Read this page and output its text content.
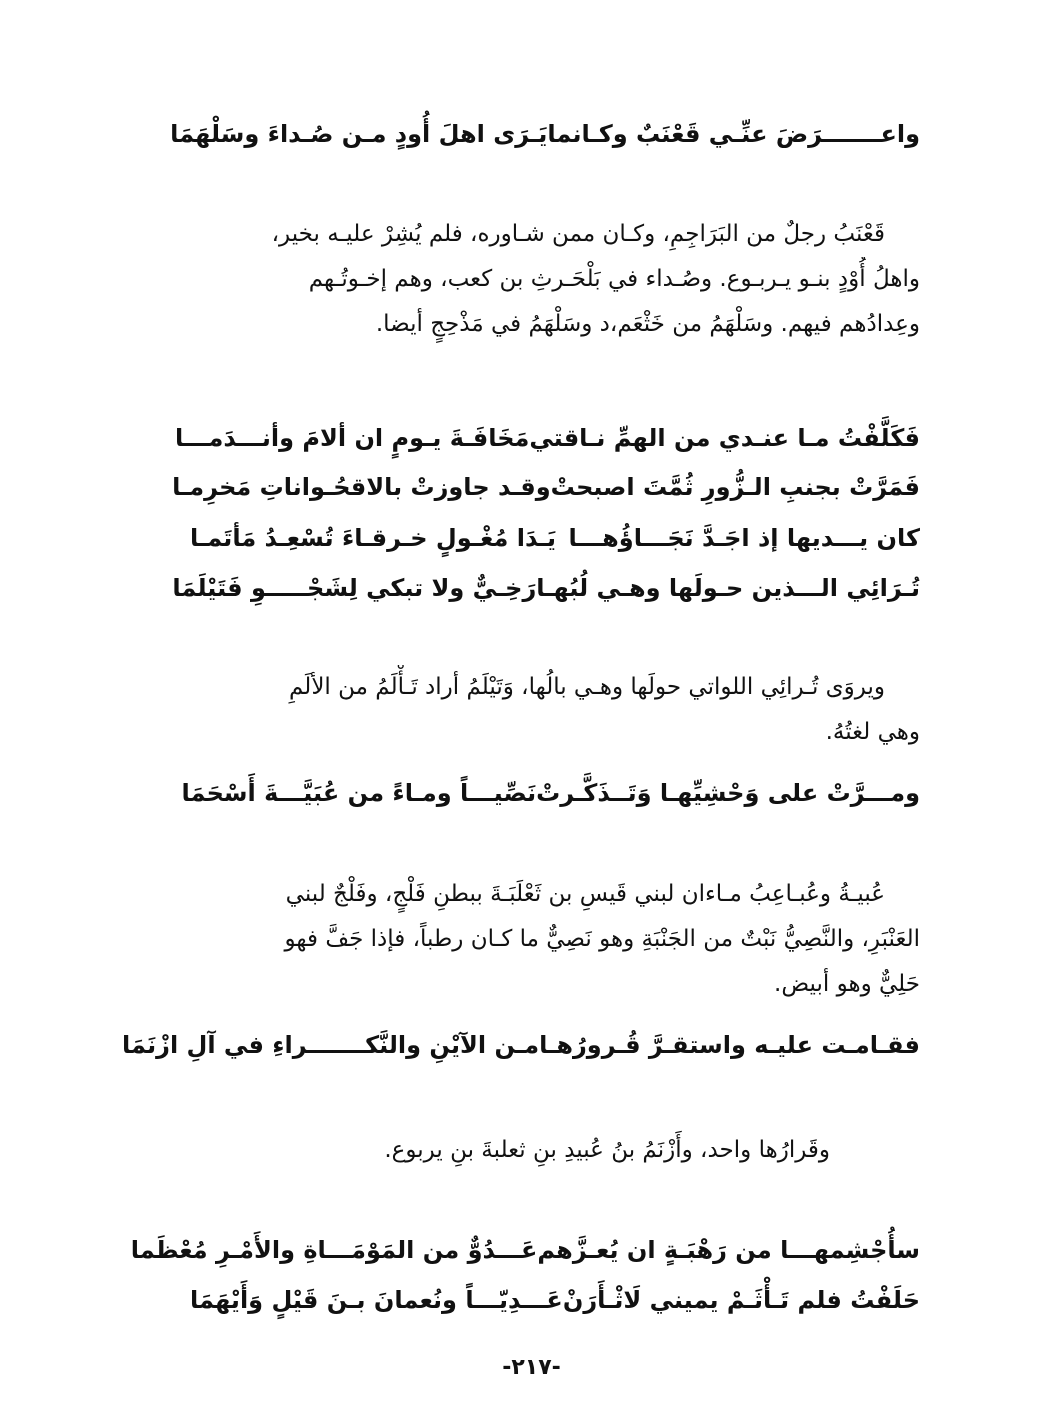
واعـــــــرَضَ عنِّـي قَعْنَبٌ وكـانما
يَـرَى اهلَ أُودٍ مـن صُـداءَ وسَلْهَمَا

قَعْنَبُ رجلٌ من البَرَاجِمِ، وكـان ممن شـاوره، فلم يُشِرْ عليـه بخير،

واهلُ أُوْدٍ بنـو يـربـوع. وصُـداء في بَلْحَـرثِ بن كعب، وهم إخـوتُـهم

وعِدادُهم فيهم. وسَلْهَمُ من خَثْعَم،د وسَلْهَمُ في مَذْحِجٍ أيضا.

فَكَلَّفْتُ مـا عنـدي من الهمِّ نـاقتي
مَخَافَـةَ يـومٍ ان ألامَ وأنـــدَمـــا
فَمَرَّتْ بجنبِ الـزُّورِ ثُمَّتَ اصبحتْ
وقـد جاوزتْ بالاقحُـواناتِ مَخرِمـا
كان يـــديها إذ اجَـدَّ نَجَـــاؤُهـــا
يَـدَا مُغْـولٍ خـرقـاءَ تُسْعِـدُ مَأتَمـا
تُـرَائِي الـــذين حـولَها وهـي لُبُهـا
رَخِـيٌّ ولا تبكي لِشَجْـــــوِ فَتَيْلَمَا

ويروَى تُـرائِي اللواتي حولَها وهـي بالُها، وَتَيْلَمُ أراد تَـأْلَمُ من الألَمِ

وهي لغتُهُ.

ومـــرَّتْ على وَحْشِيِّهـا وَتَــذَكَّـرتْ
نَصِّيـــاً ومـاءً من عُبَيَّـــةَ أَسْحَمَا

عُبيـةُ وعُبـاعِبُ مـاءان لبني قَيسِ بن ثَعْلَبَـةَ ببطنِ فَلْجٍ، وفَلْجٌ لبني

العَنْبَرِ، والنَّصِيُّ نَبْتٌ من الجَنْبَةِ وهو نَصِيٌّ ما كـان رطباً، فإذا جَفَّ فهو

حَلِيٌّ وهو أبيض.

فقـامـت عليـه واستقـرَّ قُـرورُهـا
مـن الآيْنِ والنَّكـــــــراءِ في آلِ ازْنَمَا

وقَرارُها واحد، وأَزْنَمُ بنُ عُبيدِ بنِ ثعلبةَ بنِ يربوع.

سأُجْشِمهـــا من رَهْبَـةٍ ان يُعـزَّهم
عَـــدُوٌّ من المَوْمَـــاةِ والأَمْـرِ مُعْظَما
حَلَفْتُ فلم تَـأْثَـمْ يميني لَاثْـأَرَنْ
عَـــدِيّـــاً ونُعمانَ بـنَ قَيْلٍ وَأَيْهَمَا
-٢١٧-
